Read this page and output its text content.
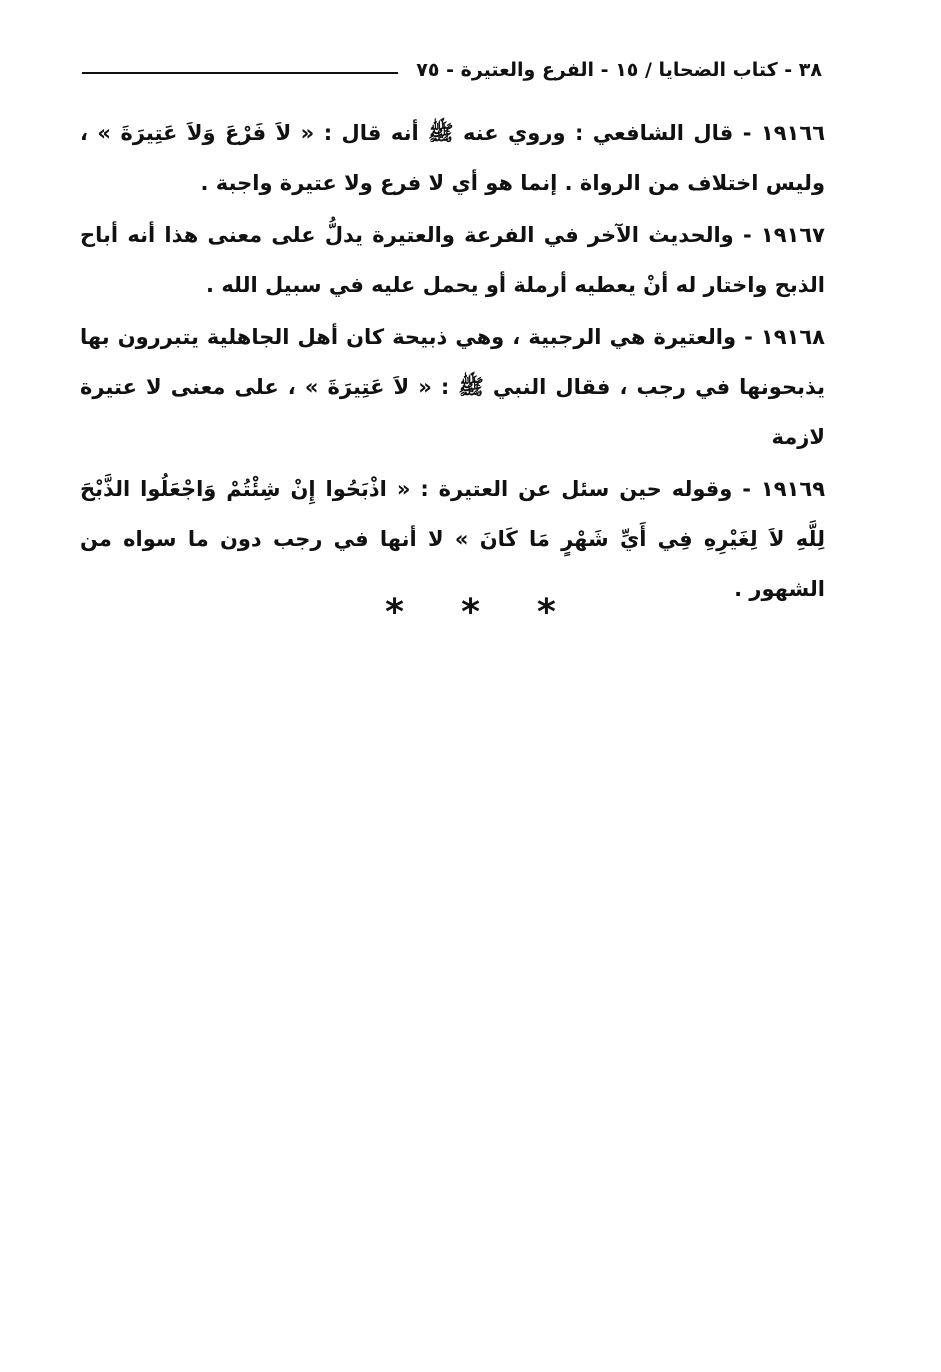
٣٨ - كتاب الضحايا / ١٥ - الفرع والعتيرة - ٧٥

١٩١٦٦ - قال الشافعي : وروي عنه ﷺ أنه قال : « لاَ فَرْعَ وَلاَ عَتِيرَةَ » ، وليس اختلاف من الرواة . إنما هو أي لا فرع ولا عتيرة واجبة .

١٩١٦٧ - والحديث الآخر في الفرعة والعتيرة يدلُّ على معنى هذا أنه أباح الذبح واختار له أنْ يعطيه أرملة أو يحمل عليه في سبيل الله .

١٩١٦٨ - والعتيرة هي الرجبية ، وهي ذبيحة كان أهل الجاهلية يتبررون بها يذبحونها في رجب ، فقال النبي ﷺ : « لاَ عَتِيرَةَ » ، على معنى لا عتيرة لازمة

١٩١٦٩ - وقوله حين سئل عن العتيرة : « اذْبَحُوا إِنْ شِئْتُمْ وَاجْعَلُوا الذَّبْحَ لِلَّهِ لاَ لِغَيْرِهِ فِي أَيِّ شَهْرٍ مَا كَانَ » لا أنها في رجب دون ما سواه من الشهور .

* * *
